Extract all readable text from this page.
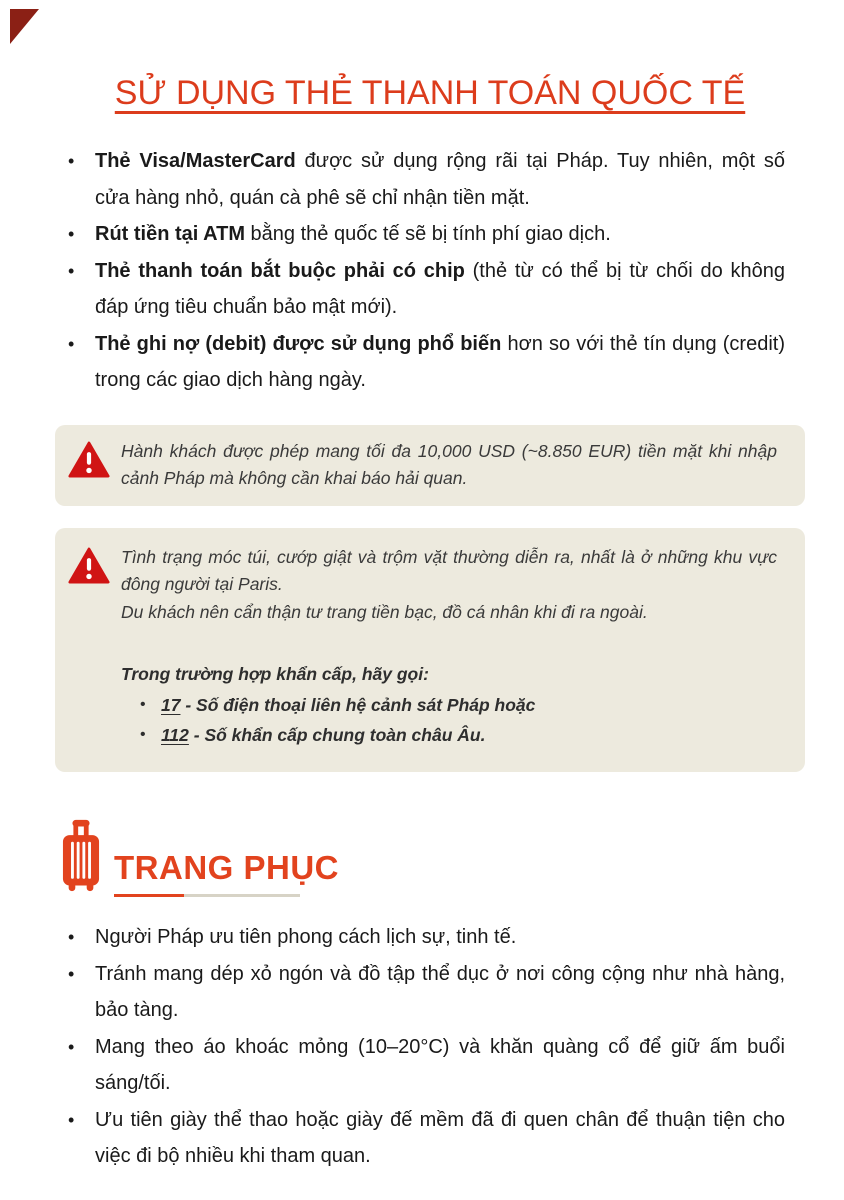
SỬ DỤNG THẺ THANH TOÁN QUỐC TẾ
• Thẻ Visa/MasterCard được sử dụng rộng rãi tại Pháp. Tuy nhiên, một số cửa hàng nhỏ, quán cà phê sẽ chỉ nhận tiền mặt.
• Rút tiền tại ATM bằng thẻ quốc tế sẽ bị tính phí giao dịch.
• Thẻ thanh toán bắt buộc phải có chip (thẻ từ có thể bị từ chối do không đáp ứng tiêu chuẩn bảo mật mới).
• Thẻ ghi nợ (debit) được sử dụng phổ biến hơn so với thẻ tín dụng (credit) trong các giao dịch hàng ngày.

Hành khách được phép mang tối đa 10,000 USD (~8.850 EUR) tiền mặt khi nhập cảnh Pháp mà không cần khai báo hải quan.

Tình trạng móc túi, cướp giật và trộm vặt thường diễn ra, nhất là ở những khu vực đông người tại Paris.

Du khách nên cẩn thận tư trang tiền bạc, đồ cá nhân khi đi ra ngoài.

Trong trường hợp khẩn cấp, hãy gọi:

• 17 - Số điện thoại liên hệ cảnh sát Pháp hoặc
• 112 - Số khẩn cấp chung toàn châu Âu.
TRANG PHỤC
• Người Pháp ưu tiên phong cách lịch sự, tinh tế.
• Tránh mang dép xỏ ngón và đồ tập thể dục ở nơi công cộng như nhà hàng, bảo tàng.
• Mang theo áo khoác mỏng (10–20°C) và khăn quàng cổ để giữ ấm buổi sáng/tối.
• Ưu tiên giày thể thao hoặc giày đế mềm đã đi quen chân để thuận tiện cho việc đi bộ nhiều khi tham quan.
